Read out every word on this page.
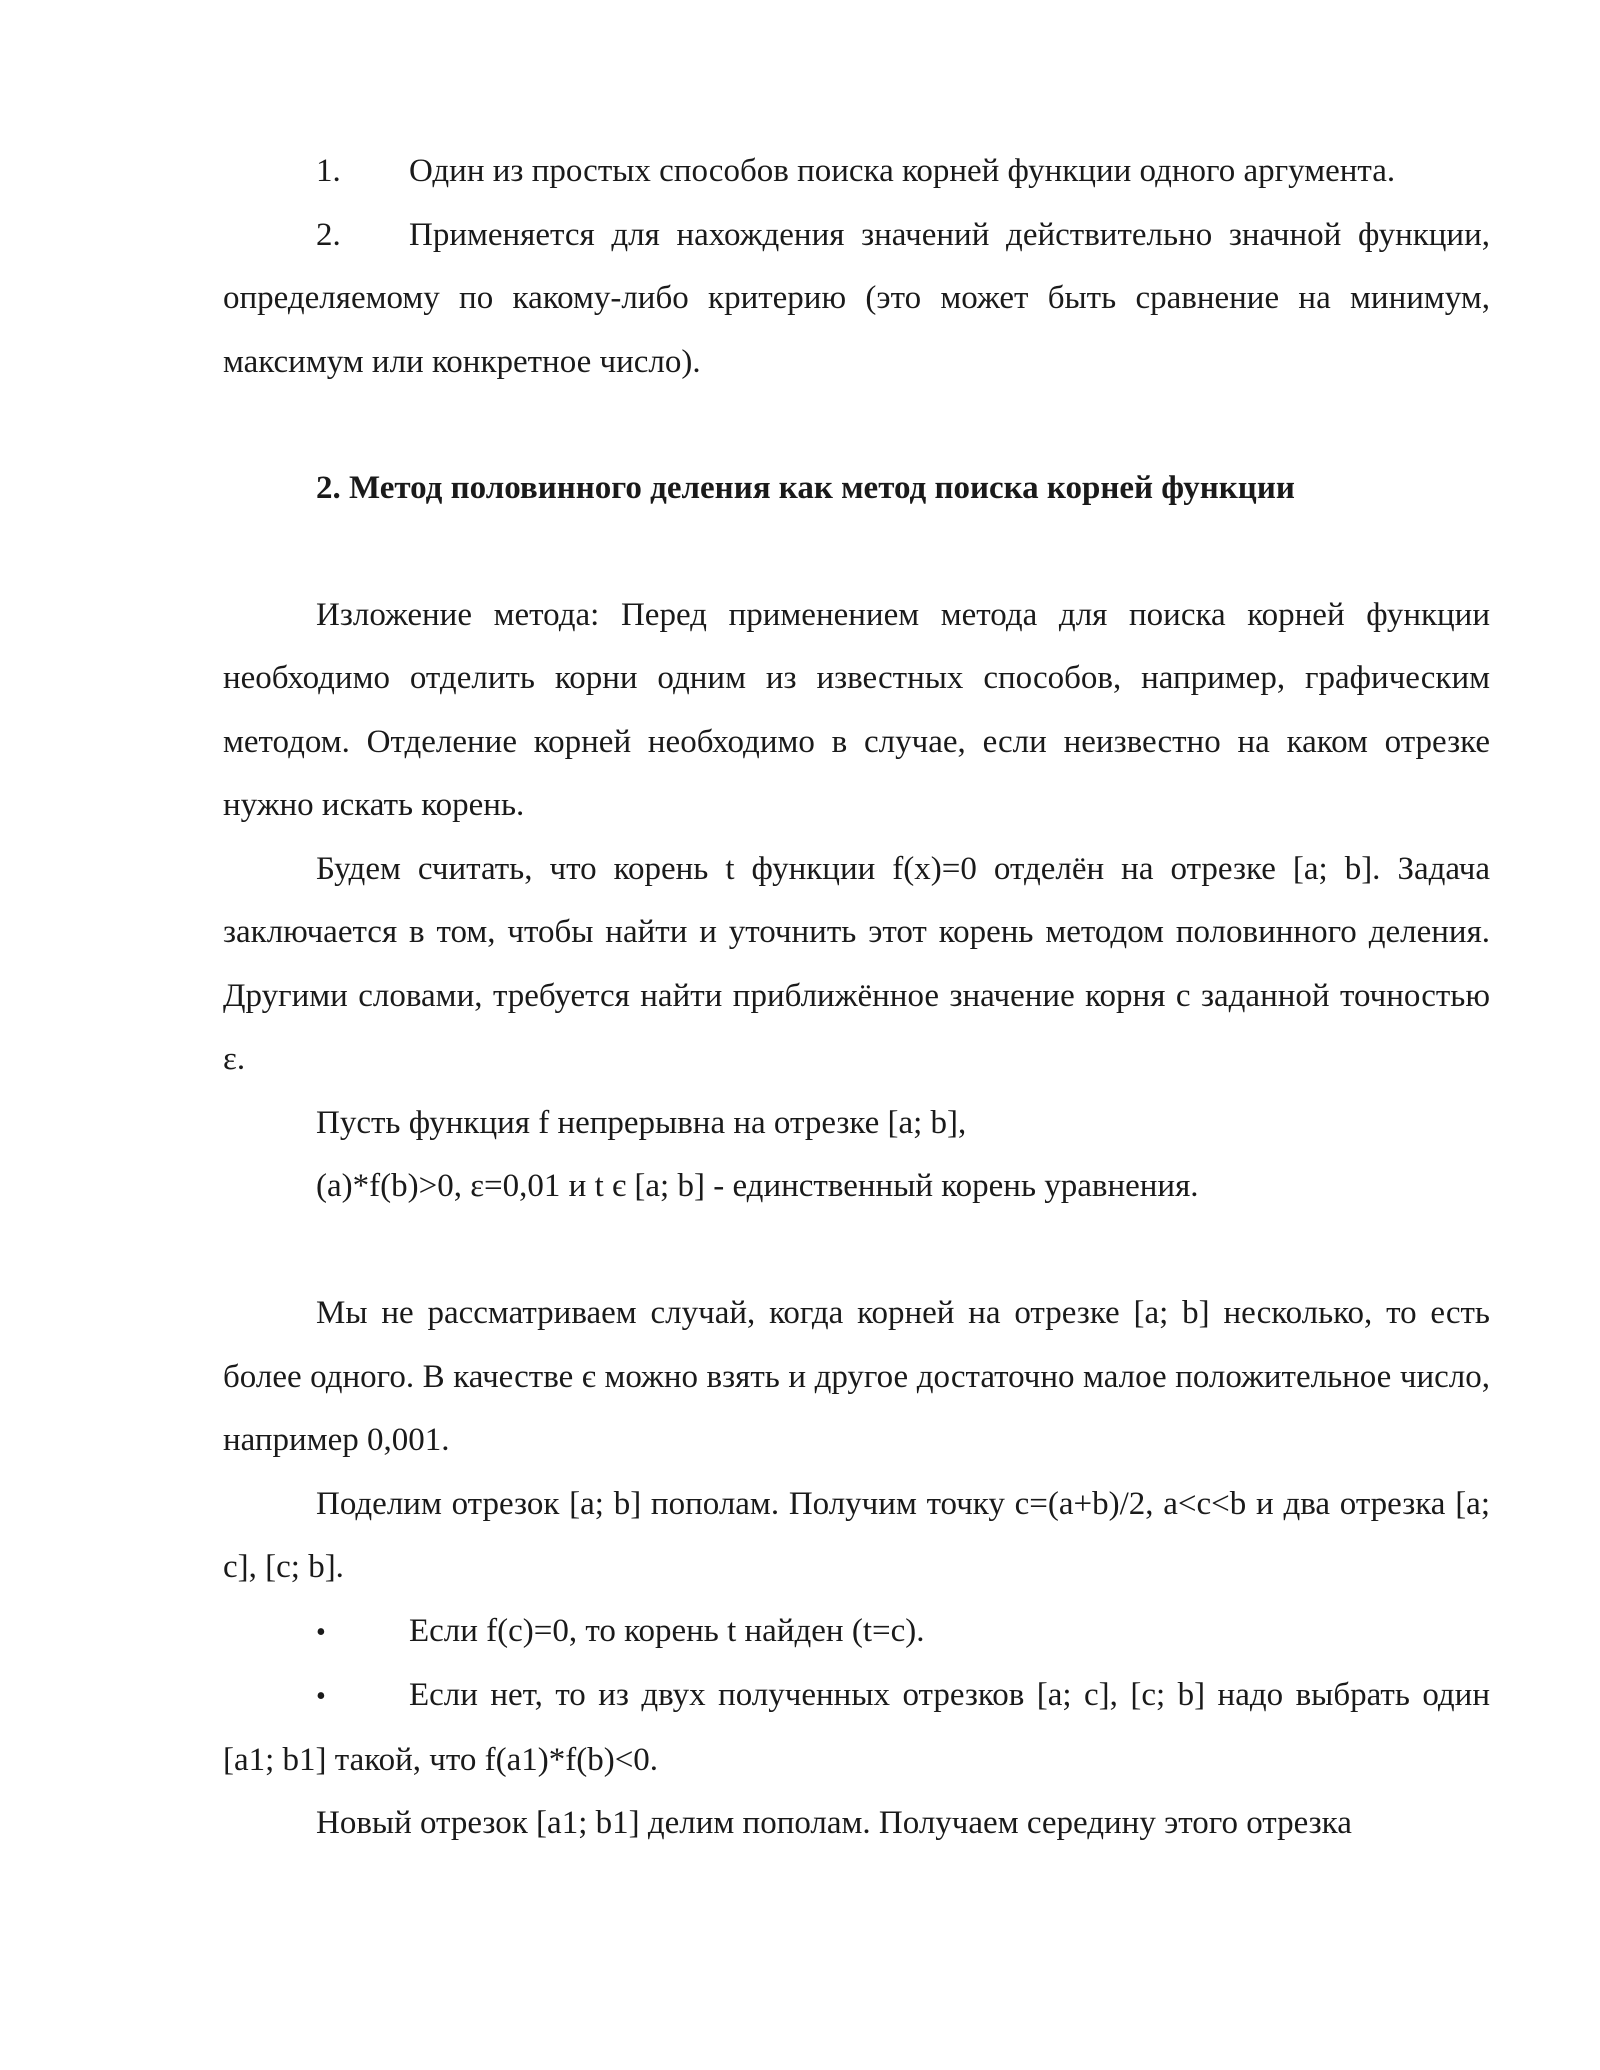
1. Один из простых способов поиска корней функции одного аргумента.

2. Применяется для нахождения значений действительно значной функции, определяемому по какому-либо критерию (это может быть сравнение на минимум, максимум или конкретное число).

2. Метод половинного деления как метод поиска корней функции

Изложение метода: Перед применением метода для поиска корней функции необходимо отделить корни одним из известных способов, например, графическим методом. Отделение корней необходимо в случае, если неизвестно на каком отрезке нужно искать корень.

Будем считать, что корень t функции f(x)=0 отделён на отрезке [a; b]. Задача заключается в том, чтобы найти и уточнить этот корень методом половинного деления. Другими словами, требуется найти приближённое значение корня с заданной точностью ε.

Пусть функция f непрерывна на отрезке [a; b],

(a)*f(b)>0, ε=0,01 и t є [a; b] - единственный корень уравнения.

Мы не рассматриваем случай, когда корней на отрезке [a; b] несколько, то есть более одного. В качестве є можно взять и другое достаточно малое положительное число, например 0,001.

Поделим отрезок [a; b] пополам. Получим точку c=(a+b)/2, a<c<b и два отрезка [a; c], [c; b].

•	Если f(c)=0, то корень t найден (t=c).

•	Если нет, то из двух полученных отрезков [a; c], [c; b] надо выбрать один [a1; b1] такой, что f(a1)*f(b)<0.

Новый отрезок [a1; b1] делим пополам. Получаем середину этого отрезка
